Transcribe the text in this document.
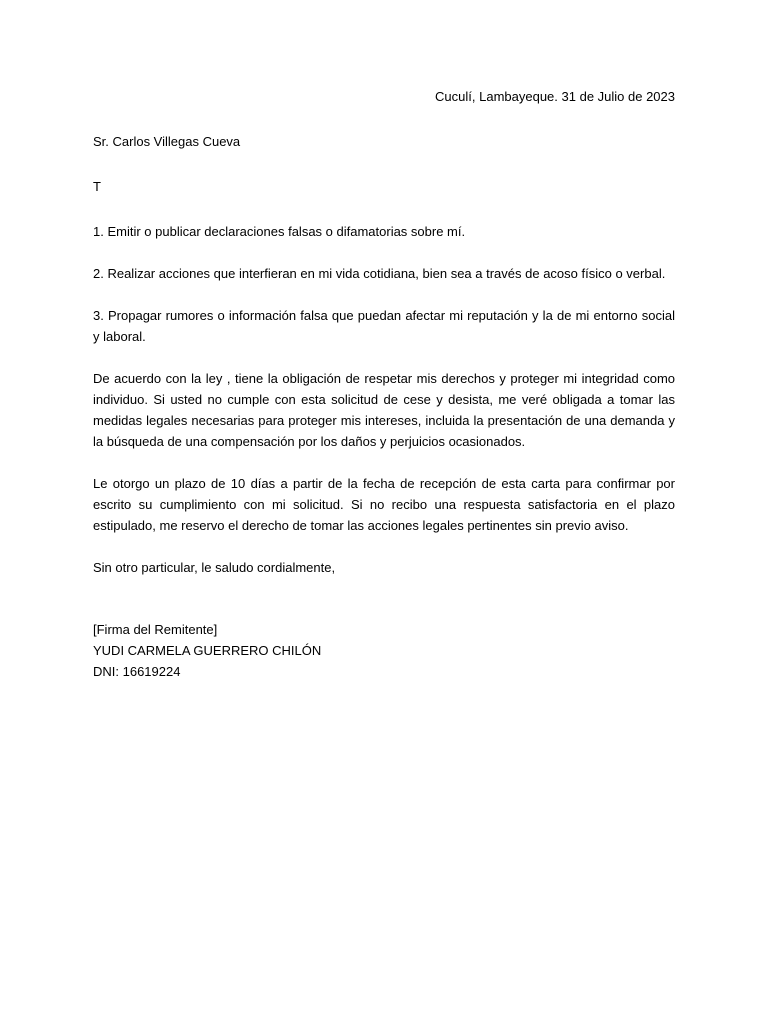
Cuculí, Lambayeque. 31 de Julio de 2023

Sr. Carlos Villegas Cueva

T

1. Emitir o publicar declaraciones falsas o difamatorias sobre mí.

2. Realizar acciones que interfieran en mi vida cotidiana, bien sea a través de acoso físico o verbal.

3. Propagar rumores o información falsa que puedan afectar mi reputación y la de mi entorno social y laboral.

De acuerdo con la ley , tiene la obligación de respetar mis derechos y proteger mi integridad como individuo. Si usted no cumple con esta solicitud de cese y desista, me veré obligada a tomar las medidas legales necesarias para proteger mis intereses, incluida la presentación de una demanda y la búsqueda de una compensación por los daños y perjuicios ocasionados.

Le otorgo un plazo de 10 días a partir de la fecha de recepción de esta carta para confirmar por escrito su cumplimiento con mi solicitud. Si no recibo una respuesta satisfactoria en el plazo estipulado, me reservo el derecho de tomar las acciones legales pertinentes sin previo aviso.

Sin otro particular, le saludo cordialmente,

[Firma del Remitente]

YUDI CARMELA GUERRERO CHILÓN

DNI: 16619224
